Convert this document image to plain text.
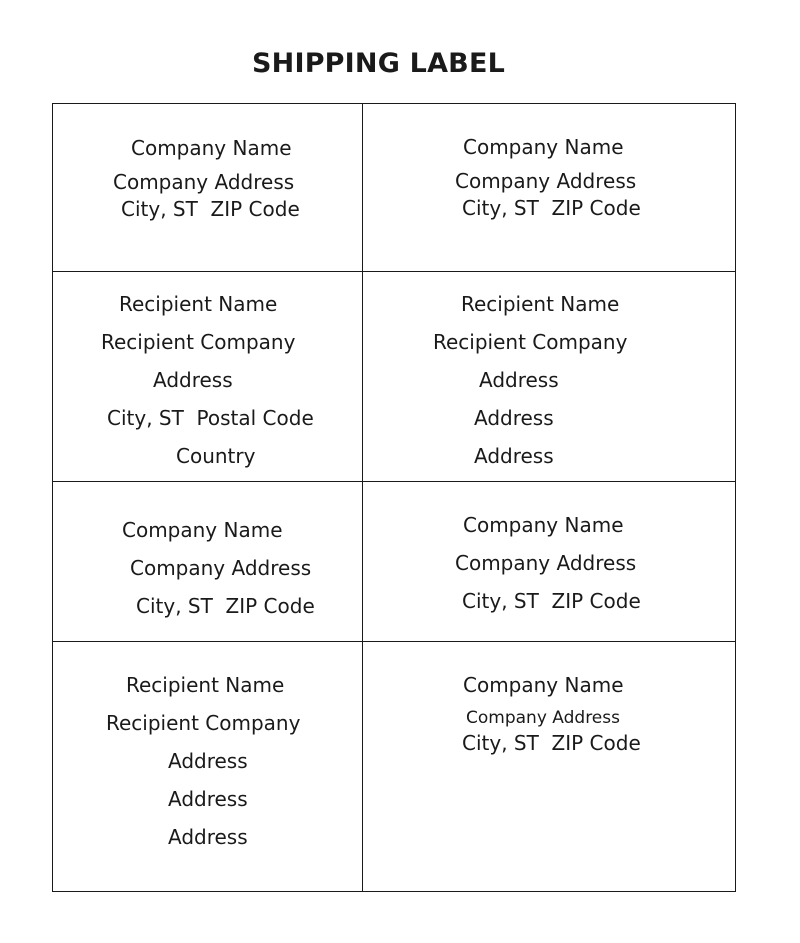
SHIPPING LABEL
Company Name
Company Address
City, ST  ZIP Code
Company Name
Company Address
City, ST  ZIP Code
Recipient Name
Recipient Company
Address
City, ST  Postal Code
Country
Recipient Name
Recipient Company
Address
Address
Address
Company Name
Company Address
City, ST  ZIP Code
Company Name
Company Address
City, ST  ZIP Code
Recipient Name
Recipient Company
Address
Address
Address
Company Name
Company Address
City, ST  ZIP Code
